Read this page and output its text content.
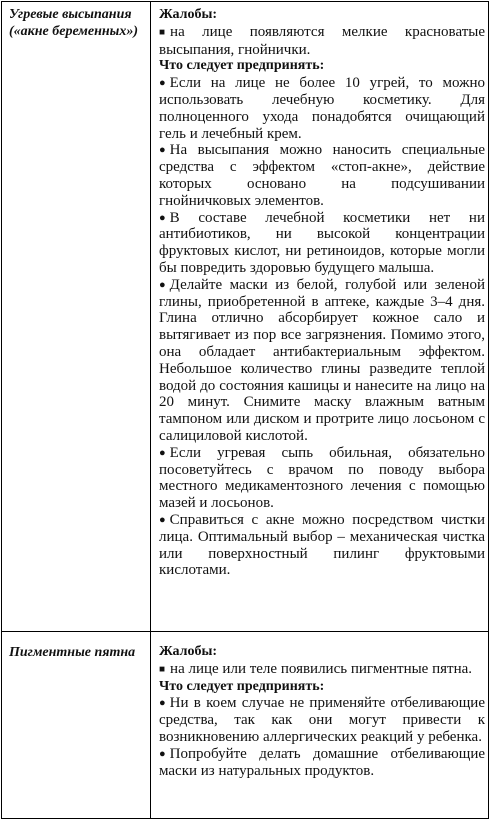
Угревые высыпания («акне беременных»)

Жалобы:

■ на лице появляются мелкие красноватые высыпания, гнойнички.

Что следует предпринять:

● Если на лице не более 10 угрей, то можно использовать лечебную косметику. Для полноценного ухода понадобятся очищающий гель и лечебный крем.

● На высыпания можно наносить специальные средства с эффектом «стоп-акне», действие которых основано на подсушивании гнойничковых элементов.

● В составе лечебной косметики нет ни антибиотиков, ни высокой концентрации фруктовых кислот, ни ретиноидов, которые могли бы повредить здоровью будущего малыша.

● Делайте маски из белой, голубой или зеленой глины, приобретенной в аптеке, каждые 3–4 дня. Глина отлично абсорбирует кожное сало и вытягивает из пор все загрязнения. Помимо этого, она обладает антибактериальным эффектом. Небольшое количество глины разведите теплой водой до состояния кашицы и нанесите на лицо на 20 минут. Снимите маску влажным ватным тампоном или диском и протрите лицо лосьоном с салициловой кислотой.

● Если угревая сыпь обильная, обязательно посоветуйтесь с врачом по поводу выбора местного медикаментозного лечения с помощью мазей и лосьонов.

● Справиться с акне можно посредством чистки лица. Оптимальный выбор – механическая чистка или поверхностный пилинг фруктовыми кислотами.

Пигментные пятна	Жалобы:

■ на лице или теле появились пигментные пятна.

Что следует предпринять:

● Ни в коем случае не применяйте отбеливающие средства, так как они могут привести к возникновению аллергических реакций у ребенка.

● Попробуйте делать домашние отбеливающие маски из натуральных продуктов.
